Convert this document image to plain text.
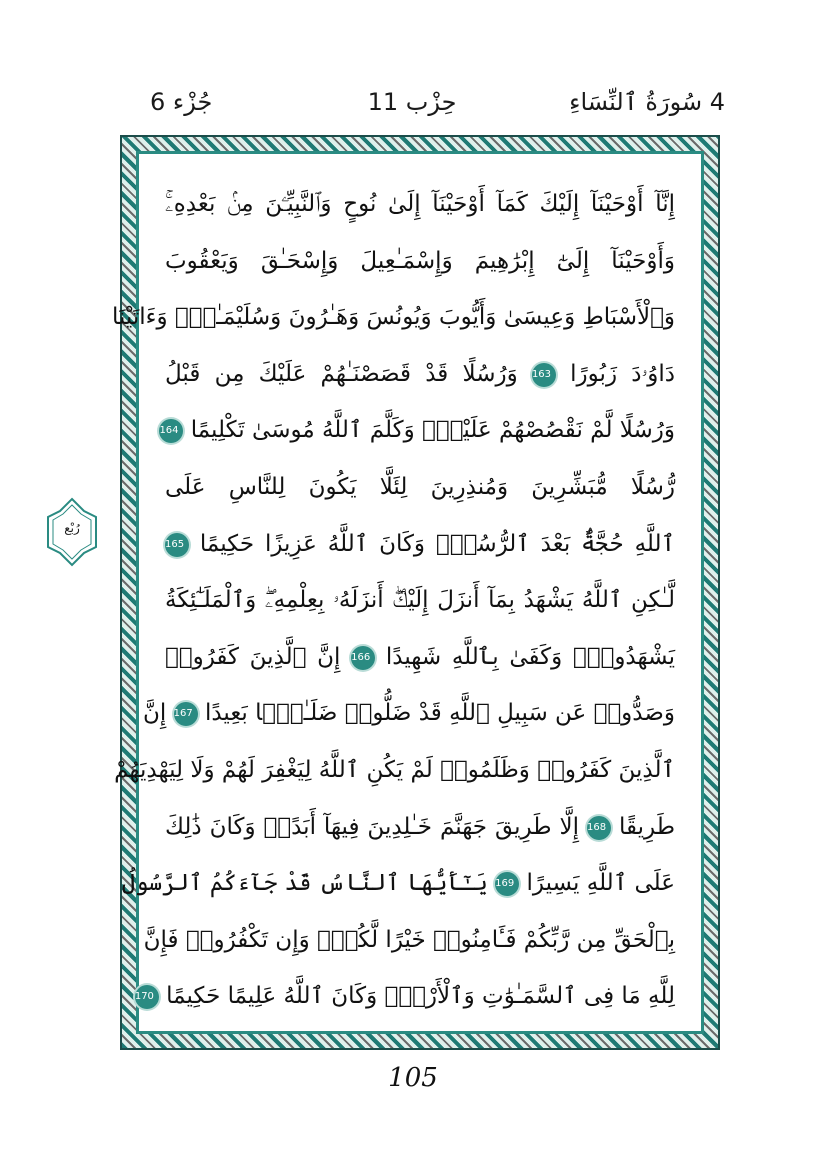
4 سُورَةُ ٱلنِّسَاءِ
حِزْب 11
جُزْء 6
إِنَّآ أَوْحَيْنَآ إِلَيْكَ كَمَآ أَوْحَيْنَآ إِلَىٰ نُوحٍ وَٱلنَّبِيِّـۧنَ مِنۢ بَعْدِهِۦۚ
وَأَوْحَيْنَآ إِلَىٰٓ إِبْرَٰهِيمَ وَإِسْمَـٰعِيلَ وَإِسْحَـٰقَ وَيَعْقُوبَ
وَٱلْأَسْبَاطِ وَعِيسَىٰ وَأَيُّوبَ وَيُونُسَ وَهَـٰرُونَ وَسُلَيْمَـٰنَۚ وَءَاتَيْنَا
دَاوُۥدَ زَبُورًا 163 وَرُسُلًا قَدْ قَصَصْنَـٰهُمْ عَلَيْكَ مِن قَبْلُ
وَرُسُلًا لَّمْ نَقْصُصْهُمْ عَلَيْكَۚ وَكَلَّمَ ٱللَّهُ مُوسَىٰ تَكْلِيمًا 164
رُّسُلًا مُّبَشِّرِينَ وَمُنذِرِينَ لِئَلَّا يَكُونَ لِلنَّاسِ عَلَى
ٱللَّهِ حُجَّةٌۢ بَعْدَ ٱلرُّسُلِۚ وَكَانَ ٱللَّهُ عَزِيزًا حَكِيمًا 165
لَّـٰكِنِ ٱللَّهُ يَشْهَدُ بِمَآ أَنزَلَ إِلَيْكَۖ أَنزَلَهُۥ بِعِلْمِهِۦۖ وَٱلْمَلَـٰٓئِكَةُ
يَشْهَدُونَۚ وَكَفَىٰ بِٱللَّهِ شَهِيدًا 166 إِنَّ ٱلَّذِينَ كَفَرُوا۟
وَصَدُّوا۟ عَن سَبِيلِ ٱللَّهِ قَدْ ضَلُّوا۟ ضَلَـٰلًۢا بَعِيدًا 167 إِنَّ
ٱلَّذِينَ كَفَرُوا۟ وَظَلَمُوا۟ لَمْ يَكُنِ ٱللَّهُ لِيَغْفِرَ لَهُمْ وَلَا لِيَهْدِيَهُمْ
طَرِيقًا 168 إِلَّا طَرِيقَ جَهَنَّمَ خَـٰلِدِينَ فِيهَآ أَبَدًاۚ وَكَانَ ذَٰلِكَ
عَلَى ٱللَّهِ يَسِيرًا 169 يَـٰٓأَيُّهَا ٱلنَّاسُ قَدْ جَآءَكُمُ ٱلرَّسُولُ
بِٱلْحَقِّ مِن رَّبِّكُمْ فَـَٔامِنُوا۟ خَيْرًا لَّكُمْۚ وَإِن تَكْفُرُوا۟ فَإِنَّ
لِلَّهِ مَا فِى ٱلسَّمَـٰوَٰتِ وَٱلْأَرْضِۚ وَكَانَ ٱللَّهُ عَلِيمًا حَكِيمًا 170
رُبْع
105
